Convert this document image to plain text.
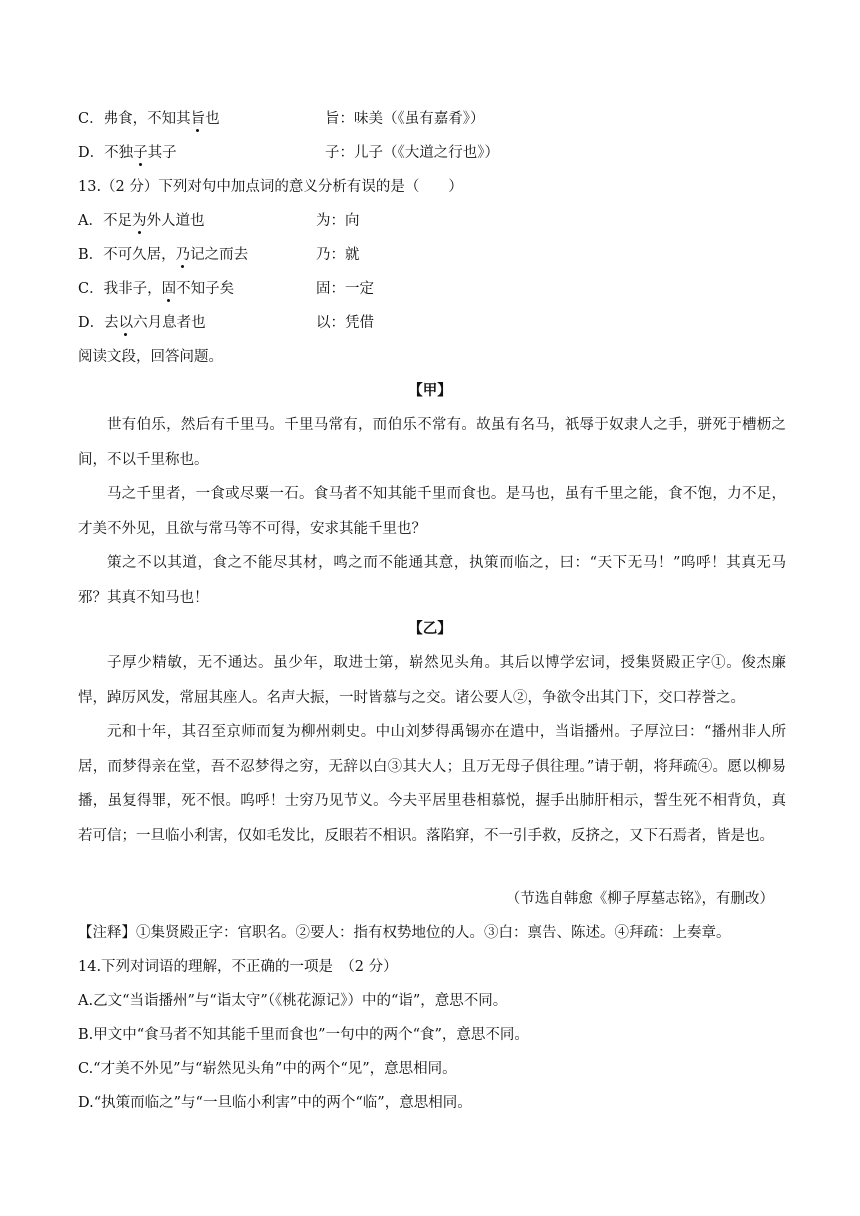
C．弗食，不知其旨也	旨：味美（《虽有嘉肴》）
D．不独子其子	子：儿子（《大道之行也》）
13.（2 分）下列对句中加点词的意义分析有误的是（　　）
A．不足为外人道也	为：向
B．不可久居，乃记之而去	乃：就
C．我非子，固不知子矣	固：一定
D．去以六月息者也	以：凭借
阅读文段，回答问题。
【甲】

世有伯乐，然后有千里马。千里马常有，而伯乐不常有。故虽有名马，祇辱于奴隶人之手，骈死于槽枥之间，不以千里称也。

马之千里者，一食或尽粟一石。食马者不知其能千里而食也。是马也，虽有千里之能，食不饱，力不足，才美不外见，且欲与常马等不可得，安求其能千里也？

策之不以其道，食之不能尽其材，鸣之而不能通其意，执策而临之，曰：“天下无马！”呜呼！其真无马邪？其真不知马也！

【乙】

子厚少精敏，无不通达。虽少年，取进士第，崭然见头角。其后以博学宏词，授集贤殿正字①。俊杰廉悍，踔厉风发，常屈其座人。名声大振，一时皆慕与之交。诸公要人②，争欲令出其门下，交口荐誉之。

元和十年，其召至京师而复为柳州刺史。中山刘梦得禹锡亦在遣中，当诣播州。子厚泣曰：“播州非人所居，而梦得亲在堂，吾不忍梦得之穷，无辞以白③其大人；且万无母子俱往理。”请于朝，将拜疏④。愿以柳易播，虽复得罪，死不恨。呜呼！士穷乃见节义。今夫平居里巷相慕悦，握手出肺肝相示，誓生死不相背负，真若可信；一旦临小利害，仅如毛发比，反眼若不相识。落陷穽，不一引手救，反挤之，又下石焉者，皆是也。

（节选自韩愈《柳子厚墓志铭》，有删改）
【注释】①集贤殿正字：官职名。②要人：指有权势地位的人。③白：禀告、陈述。④拜疏：上奏章。
14.下列对词语的理解，不正确的一项是　（2 分）
A.乙文“当诣播州”与“诣太守”（《桃花源记》）中的“诣”，意思不同。
B.甲文中“食马者不知其能千里而食也”一句中的两个“食”，意思不同。
C.“才美不外见”与“崭然见头角”中的两个“见”，意思相同。
D.“执策而临之”与“一旦临小利害”中的两个“临”，意思相同。
